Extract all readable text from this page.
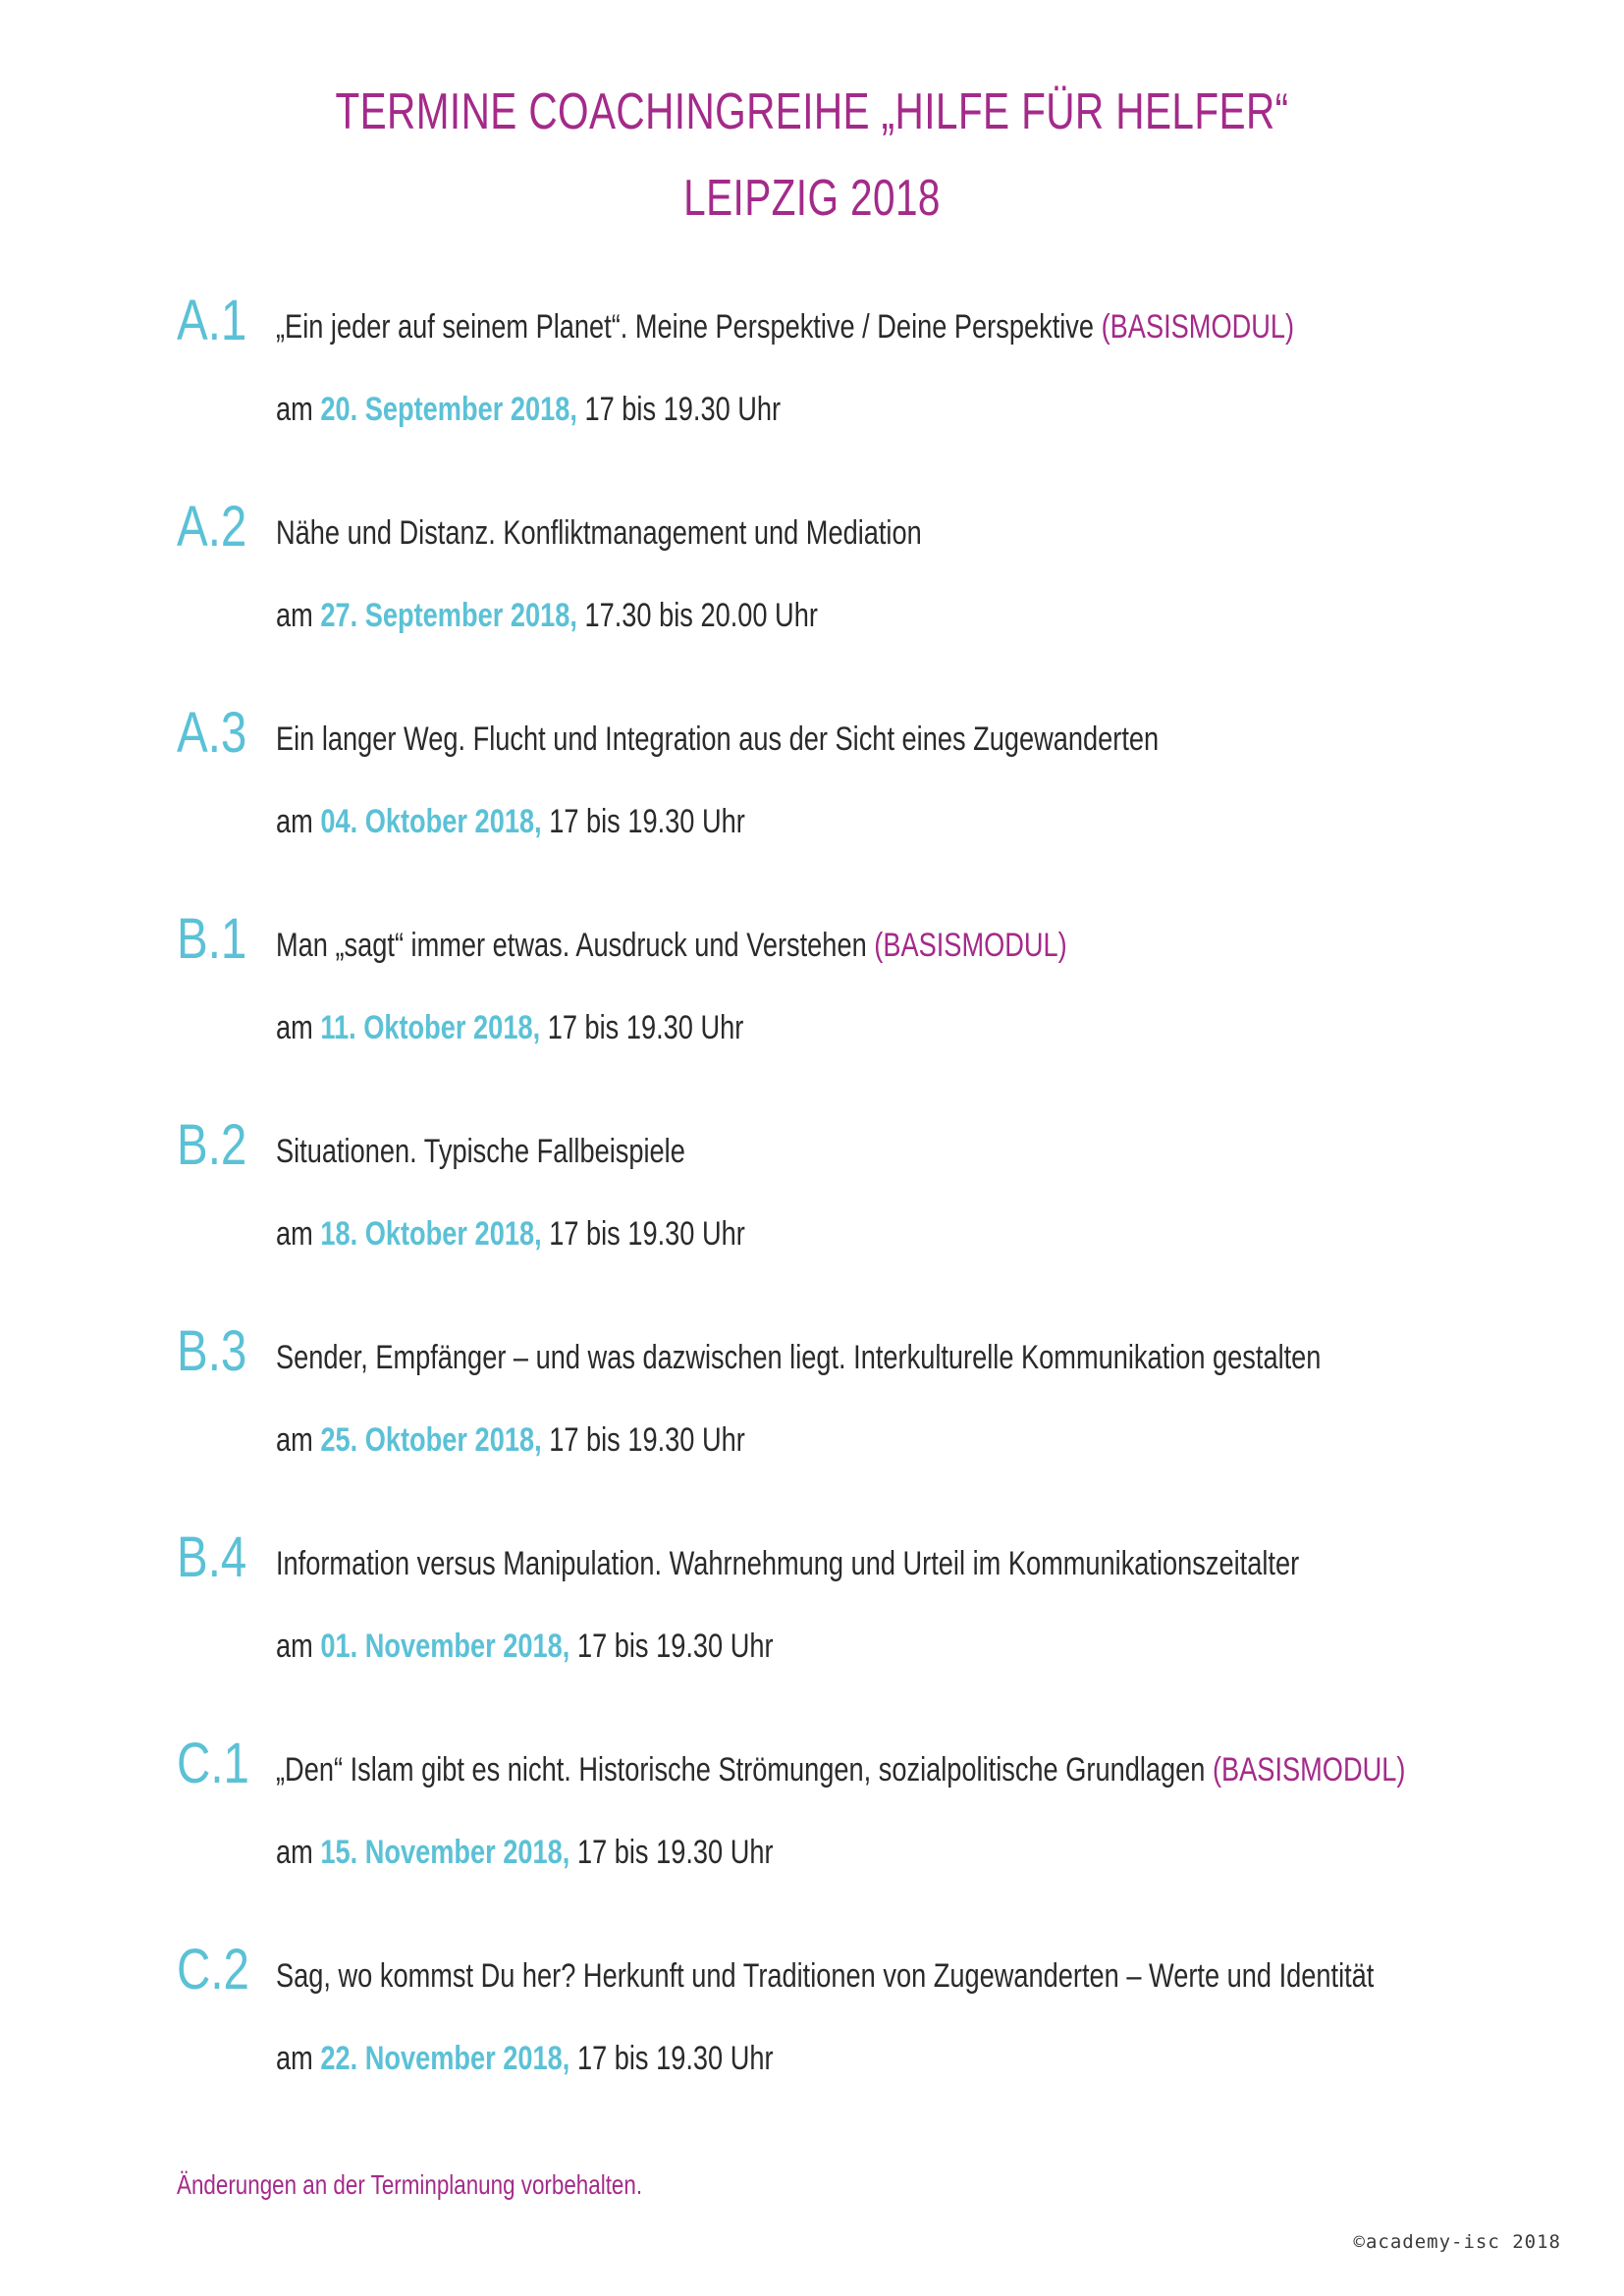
TERMINE COACHINGREIHE „HILFE FÜR HELFER“
LEIPZIG 2018
A.1 „Ein jeder auf seinem Planet“. Meine Perspektive / Deine Perspektive (BASISMODUL)
am 20. September 2018, 17 bis 19.30 Uhr
A.2 Nähe und Distanz. Konfliktmanagement und Mediation
am 27. September 2018, 17.30 bis 20.00 Uhr
A.3 Ein langer Weg. Flucht und Integration aus der Sicht eines Zugewanderten
am 04. Oktober 2018, 17 bis 19.30 Uhr
B.1 Man „sagt“ immer etwas. Ausdruck und Verstehen (BASISMODUL)
am 11. Oktober 2018, 17 bis 19.30 Uhr
B.2 Situationen. Typische Fallbeispiele
am 18. Oktober 2018, 17 bis 19.30 Uhr
B.3 Sender, Empfänger – und was dazwischen liegt. Interkulturelle Kommunikation gestalten
am 25. Oktober 2018, 17 bis 19.30 Uhr
B.4 Information versus Manipulation. Wahrnehmung und Urteil im Kommunikationszeitalter
am 01. November 2018, 17 bis 19.30 Uhr
C.1 „Den“ Islam gibt es nicht. Historische Strömungen, sozialpolitische Grundlagen (BASISMODUL)
am 15. November 2018, 17 bis 19.30 Uhr
C.2 Sag, wo kommst Du her? Herkunft und Traditionen von Zugewanderten – Werte und Identität
am 22. November 2018, 17 bis 19.30 Uhr
Änderungen an der Terminplanung vorbehalten.
©academy-isc 2018
